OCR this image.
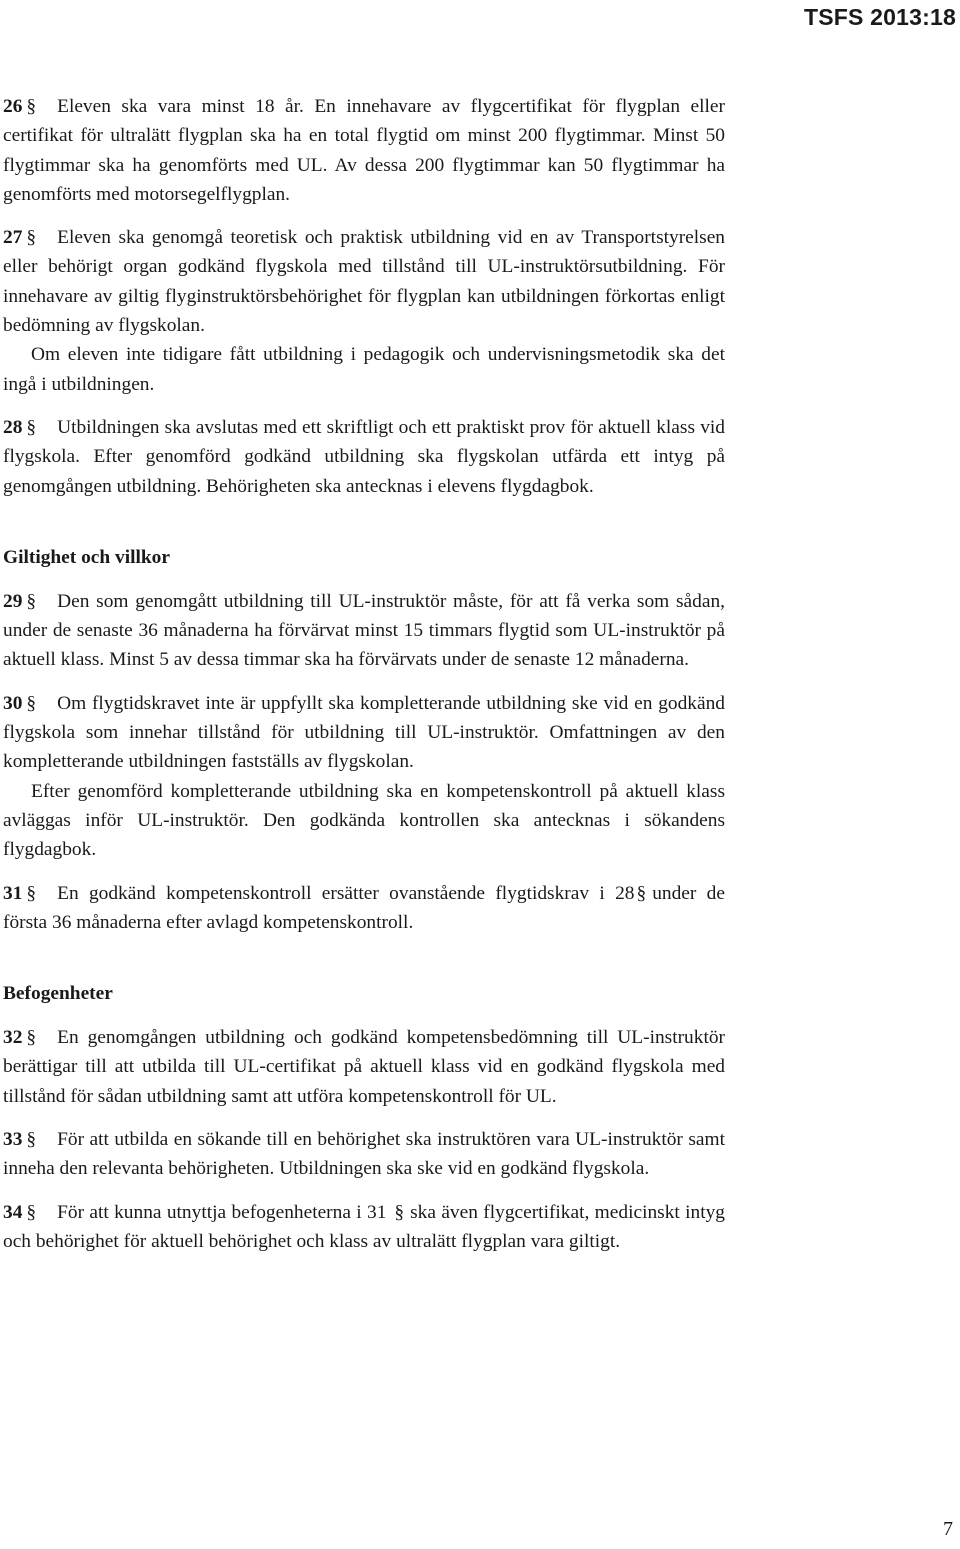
TSFS 2013:18

26 § Eleven ska vara minst 18 år. En innehavare av flygcertifikat för flygplan eller certifikat för ultralätt flygplan ska ha en total flygtid om minst 200 flygtimmar. Minst 50 flygtimmar ska ha genomförts med UL. Av dessa 200 flygtimmar kan 50 flygtimmar ha genomförts med motorsegelflygplan.

27 § Eleven ska genomgå teoretisk och praktisk utbildning vid en av Transportstyrelsen eller behörigt organ godkänd flygskola med tillstånd till UL-instruktörsutbildning. För innehavare av giltig flyginstruktörsbehörighet för flygplan kan utbildningen förkortas enligt bedömning av flygskolan.

Om eleven inte tidigare fått utbildning i pedagogik och undervisningsmetodik ska det ingå i utbildningen.

28 § Utbildningen ska avslutas med ett skriftligt och ett praktiskt prov för aktuell klass vid flygskola. Efter genomförd godkänd utbildning ska flygskolan utfärda ett intyg på genomgången utbildning. Behörigheten ska antecknas i elevens flygdagbok.

Giltighet och villkor

29 § Den som genomgått utbildning till UL-instruktör måste, för att få verka som sådan, under de senaste 36 månaderna ha förvärvat minst 15 timmars flygtid som UL-instruktör på aktuell klass. Minst 5 av dessa timmar ska ha förvärvats under de senaste 12 månaderna.

30 § Om flygtidskravet inte är uppfyllt ska kompletterande utbildning ske vid en godkänd flygskola som innehar tillstånd för utbildning till UL-instruktör. Omfattningen av den kompletterande utbildningen fastställs av flygskolan.

Efter genomförd kompletterande utbildning ska en kompetenskontroll på aktuell klass avläggas inför UL-instruktör. Den godkända kontrollen ska antecknas i sökandens flygdagbok.

31 § En godkänd kompetenskontroll ersätter ovanstående flygtidskrav i 28 § under de första 36 månaderna efter avlagd kompetenskontroll.

Befogenheter

32 § En genomgången utbildning och godkänd kompetensbedömning till UL-instruktör berättigar till att utbilda till UL-certifikat på aktuell klass vid en godkänd flygskola med tillstånd för sådan utbildning samt att utföra kompetenskontroll för UL.

33 § För att utbilda en sökande till en behörighet ska instruktören vara UL-instruktör samt inneha den relevanta behörigheten. Utbildningen ska ske vid en godkänd flygskola.

34 § För att kunna utnyttja befogenheterna i 31 § ska även flygcertifikat, medicinskt intyg och behörighet för aktuell behörighet och klass av ultralätt flygplan vara giltigt.

7
